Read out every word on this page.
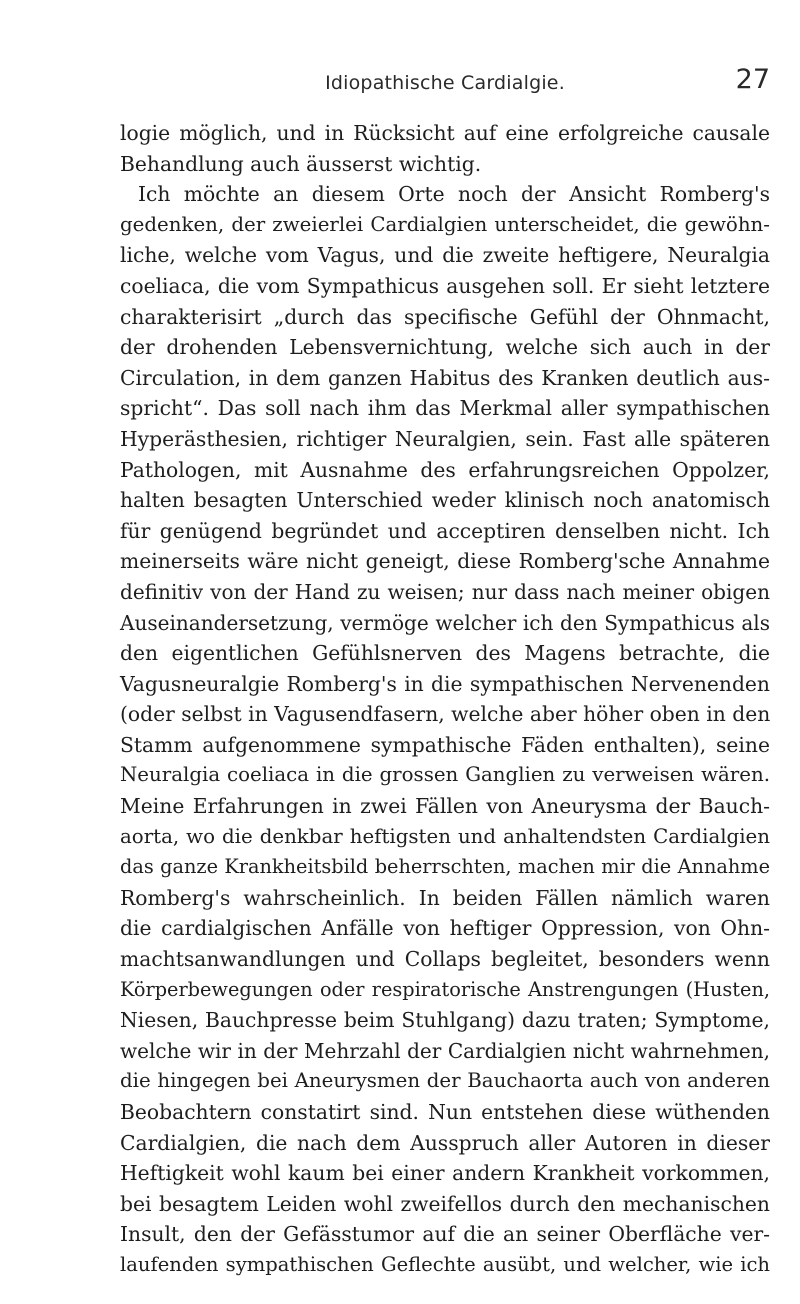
Idiopathische Cardialgie.	27
logie möglich, und in Rücksicht auf eine erfolgreiche causale
Behandlung auch äusserst wichtig.
Ich möchte an diesem Orte noch der Ansicht Romberg's
gedenken, der zweierlei Cardialgien unterscheidet, die gewöhn-
liche, welche vom Vagus, und die zweite heftigere, Neuralgia
coeliaca, die vom Sympathicus ausgehen soll. Er sieht letztere
charakterisirt „durch das specifische Gefühl der Ohnmacht,
der drohenden Lebensvernichtung, welche sich auch in der
Circulation, in dem ganzen Habitus des Kranken deutlich aus-
spricht“. Das soll nach ihm das Merkmal aller sympathischen
Hyperästhesien, richtiger Neuralgien, sein. Fast alle späteren
Pathologen, mit Ausnahme des erfahrungsreichen Oppolzer,
halten besagten Unterschied weder klinisch noch anatomisch
für genügend begründet und acceptiren denselben nicht. Ich
meinerseits wäre nicht geneigt, diese Romberg'sche Annahme
definitiv von der Hand zu weisen; nur dass nach meiner obigen
Auseinandersetzung, vermöge welcher ich den Sympathicus als
den eigentlichen Gefühlsnerven des Magens betrachte, die
Vagusneuralgie Romberg's in die sympathischen Nervenenden
(oder selbst in Vagusendfasern, welche aber höher oben in den
Stamm aufgenommene sympathische Fäden enthalten), seine
Neuralgia coeliaca in die grossen Ganglien zu verweisen wären.
Meine Erfahrungen in zwei Fällen von Aneurysma der Bauch-
aorta, wo die denkbar heftigsten und anhaltendsten Cardialgien
das ganze Krankheitsbild beherrschten, machen mir die Annahme
Romberg's wahrscheinlich. In beiden Fällen nämlich waren
die cardialgischen Anfälle von heftiger Oppression, von Ohn-
machtsanwandlungen und Collaps begleitet, besonders wenn
Körperbewegungen oder respiratorische Anstrengungen (Husten,
Niesen, Bauchpresse beim Stuhlgang) dazu traten; Symptome,
welche wir in der Mehrzahl der Cardialgien nicht wahrnehmen,
die hingegen bei Aneurysmen der Bauchaorta auch von anderen
Beobachtern constatirt sind. Nun entstehen diese wüthenden
Cardialgien, die nach dem Ausspruch aller Autoren in dieser
Heftigkeit wohl kaum bei einer andern Krankheit vorkommen,
bei besagtem Leiden wohl zweifellos durch den mechanischen
Insult, den der Gefässtumor auf die an seiner Oberfläche ver-
laufenden sympathischen Geflechte ausübt, und welcher, wie ich
